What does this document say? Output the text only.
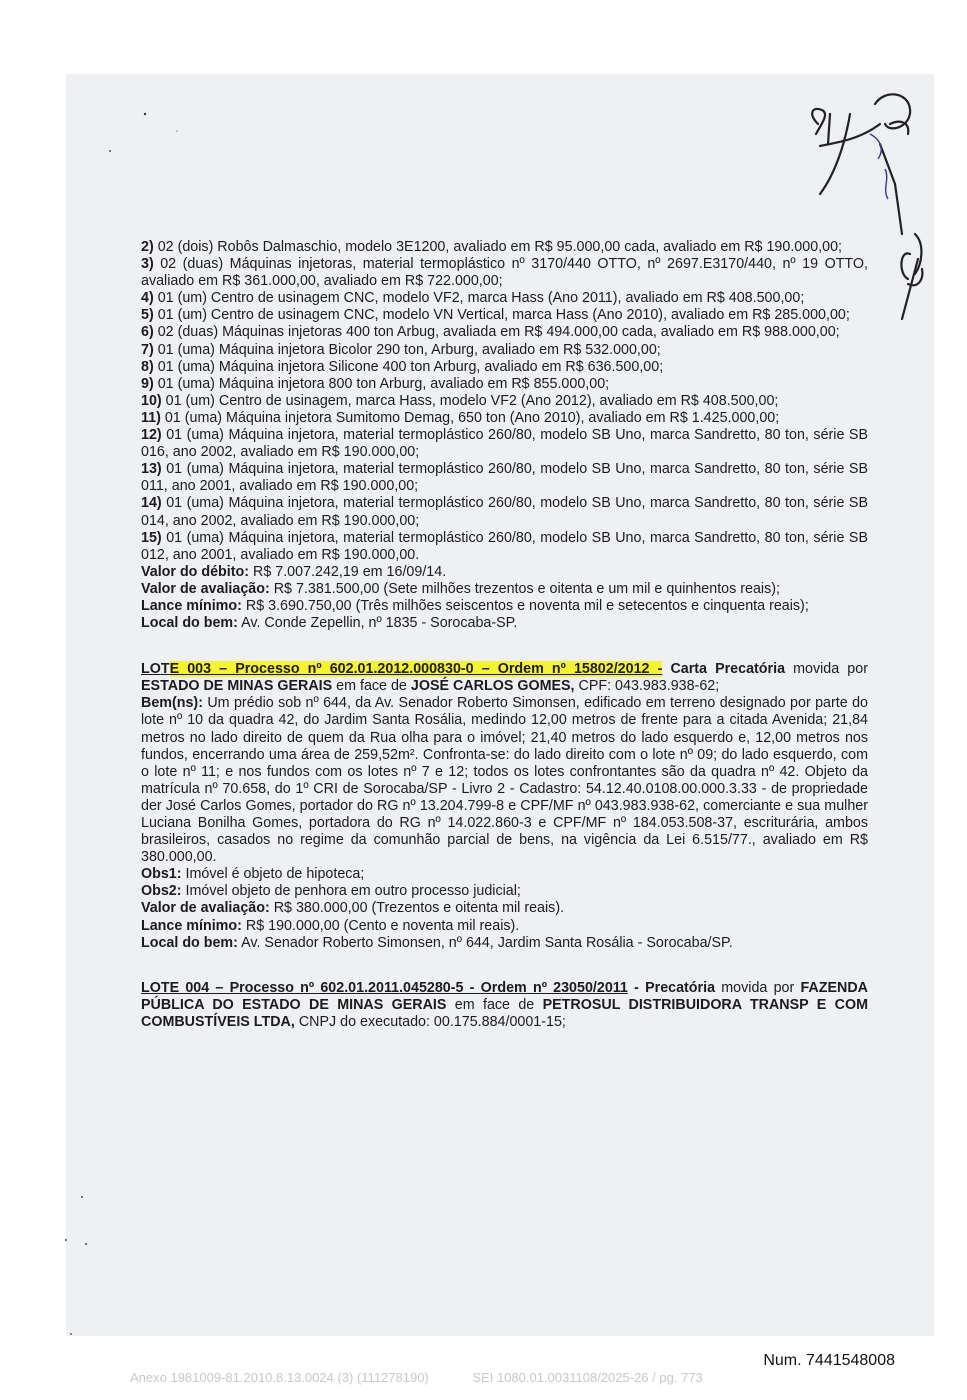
2) 02 (dois) Robôs Dalmaschio, modelo 3E1200, avaliado em R$ 95.000,00 cada, avaliado em R$ 190.000,00;

3) 02 (duas) Máquinas injetoras, material termoplástico nº 3170/440 OTTO, nº 2697.E3170/440, nº 19 OTTO, avaliado em R$ 361.000,00, avaliado em R$ 722.000,00;

4) 01 (um) Centro de usinagem CNC, modelo VF2, marca Hass (Ano 2011), avaliado em R$ 408.500,00;

5) 01 (um) Centro de usinagem CNC, modelo VN Vertical, marca Hass (Ano 2010), avaliado em R$ 285.000,00;

6) 02 (duas) Máquinas injetoras 400 ton Arbug, avaliada em R$ 494.000,00 cada, avaliado em R$ 988.000,00;

7) 01 (uma) Máquina injetora Bicolor 290 ton, Arburg, avaliado em R$ 532.000,00;

8) 01 (uma) Máquina injetora Silicone 400 ton Arburg, avaliado em R$ 636.500,00;

9) 01 (uma) Máquina injetora 800 ton Arburg, avaliado em R$ 855.000,00;

10) 01 (um) Centro de usinagem, marca Hass, modelo VF2 (Ano 2012), avaliado em R$ 408.500,00;

11) 01 (uma) Máquina injetora Sumitomo Demag, 650 ton (Ano 2010), avaliado em R$ 1.425.000,00;

12) 01 (uma) Máquina injetora, material termoplástico 260/80, modelo SB Uno, marca Sandretto, 80 ton, série SB 016, ano 2002, avaliado em R$ 190.000,00;

13) 01 (uma) Máquina injetora, material termoplástico 260/80, modelo SB Uno, marca Sandretto, 80 ton, série SB 011, ano 2001, avaliado em R$ 190.000,00;

14) 01 (uma) Máquina injetora, material termoplástico 260/80, modelo SB Uno, marca Sandretto, 80 ton, série SB 014, ano 2002, avaliado em R$ 190.000,00;

15) 01 (uma) Máquina injetora, material termoplástico 260/80, modelo SB Uno, marca Sandretto, 80 ton, série SB 012, ano 2001, avaliado em R$ 190.000,00.

Valor do débito: R$ 7.007.242,19 em 16/09/14.

Valor de avaliação: R$ 7.381.500,00 (Sete milhões trezentos e oitenta e um mil e quinhentos reais);

Lance mínimo: R$ 3.690.750,00 (Três milhões seiscentos e noventa mil e setecentos e cinquenta reais);

Local do bem: Av. Conde Zepellin, nº 1835 - Sorocaba-SP.

LOTE 003 – Processo nº 602.01.2012.000830-0 – Ordem nº 15802/2012 - Carta Precatória movida por ESTADO DE MINAS GERAIS em face de JOSÉ CARLOS GOMES, CPF: 043.983.938-62;

Bem(ns): Um prédio sob nº 644, da Av. Senador Roberto Simonsen, edificado em terreno designado por parte do lote nº 10 da quadra 42, do Jardim Santa Rosália, medindo 12,00 metros de frente para a citada Avenida; 21,84 metros no lado direito de quem da Rua olha para o imóvel; 21,40 metros do lado esquerdo e, 12,00 metros nos fundos, encerrando uma área de 259,52m². Confronta-se: do lado direito com o lote nº 09; do lado esquerdo, com o lote nº 11; e nos fundos com os lotes nº 7 e 12; todos os lotes confrontantes são da quadra nº 42. Objeto da matrícula nº 70.658, do 1º CRI de Sorocaba/SP - Livro 2 - Cadastro: 54.12.40.0108.00.000.3.33 - de propriedade der José Carlos Gomes, portador do RG nº 13.204.799-8 e CPF/MF nº 043.983.938-62, comerciante e sua mulher Luciana Bonilha Gomes, portadora do RG nº 14.022.860-3 e CPF/MF nº 184.053.508-37, escriturária, ambos brasileiros, casados no regime da comunhão parcial de bens, na vigência da Lei 6.515/77., avaliado em R$ 380.000,00.

Obs1: Imóvel é objeto de hipoteca;

Obs2: Imóvel objeto de penhora em outro processo judicial;

Valor de avaliação: R$ 380.000,00 (Trezentos e oitenta mil reais).

Lance mínimo: R$ 190.000,00 (Cento e noventa mil reais).

Local do bem: Av. Senador Roberto Simonsen, nº 644, Jardim Santa Rosália - Sorocaba/SP.

LOTE 004 – Processo nº 602.01.2011.045280-5 - Ordem nº 23050/2011 - Precatória movida por FAZENDA PÚBLICA DO ESTADO DE MINAS GERAIS em face de PETROSUL DISTRIBUIDORA TRANSP E COM COMBUSTÍVEIS LTDA, CNPJ do executado: 00.175.884/0001-15;

Num. 7441548008
Anexo 1981009-81.2010.8.13.0024 (3) (111278190)	SEI 1080.01.0031108/2025-26 / pg. 773
